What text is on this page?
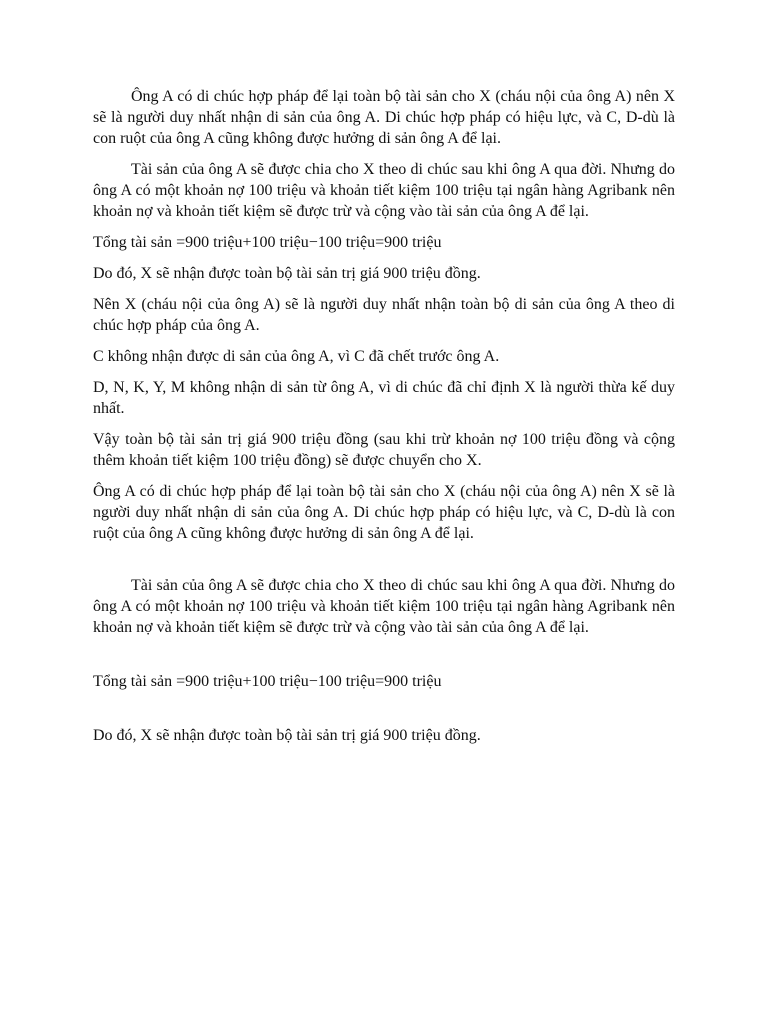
Ông A có di chúc hợp pháp để lại toàn bộ tài sản cho X (cháu nội của ông A) nên X sẽ là người duy nhất nhận di sản của ông A. Di chúc hợp pháp có hiệu lực, và C, D-dù là con ruột của ông A cũng không được hưởng di sản ông A để lại.

Tài sản của ông A sẽ được chia cho X theo di chúc sau khi ông A qua đời. Nhưng do ông A có một khoản nợ 100 triệu và khoản tiết kiệm 100 triệu tại ngân hàng Agribank nên khoản nợ và khoản tiết kiệm sẽ được trừ và cộng vào tài sản của ông A để lại.

Tổng tài sản =900 triệu+100 triệu−100 triệu=900 triệu

Do đó, X sẽ nhận được toàn bộ tài sản trị giá 900 triệu đồng.

Nên X (cháu nội của ông A) sẽ là người duy nhất nhận toàn bộ di sản của ông A theo di chúc hợp pháp của ông A.

C không nhận được di sản của ông A, vì C đã chết trước ông A.

D, N, K, Y, M không nhận di sản từ ông A, vì di chúc đã chỉ định X là người thừa kế duy nhất.

Vậy toàn bộ tài sản trị giá 900 triệu đồng (sau khi trừ khoản nợ 100 triệu đồng và cộng thêm khoản tiết kiệm 100 triệu đồng) sẽ được chuyển cho X.

Ông A có di chúc hợp pháp để lại toàn bộ tài sản cho X (cháu nội của ông A) nên X sẽ là người duy nhất nhận di sản của ông A. Di chúc hợp pháp có hiệu lực, và C, D-dù là con ruột của ông A cũng không được hưởng di sản ông A để lại.

Tài sản của ông A sẽ được chia cho X theo di chúc sau khi ông A qua đời. Nhưng do ông A có một khoản nợ 100 triệu và khoản tiết kiệm 100 triệu tại ngân hàng Agribank nên khoản nợ và khoản tiết kiệm sẽ được trừ và cộng vào tài sản của ông A để lại.

Tổng tài sản =900 triệu+100 triệu−100 triệu=900 triệu

Do đó, X sẽ nhận được toàn bộ tài sản trị giá 900 triệu đồng.
